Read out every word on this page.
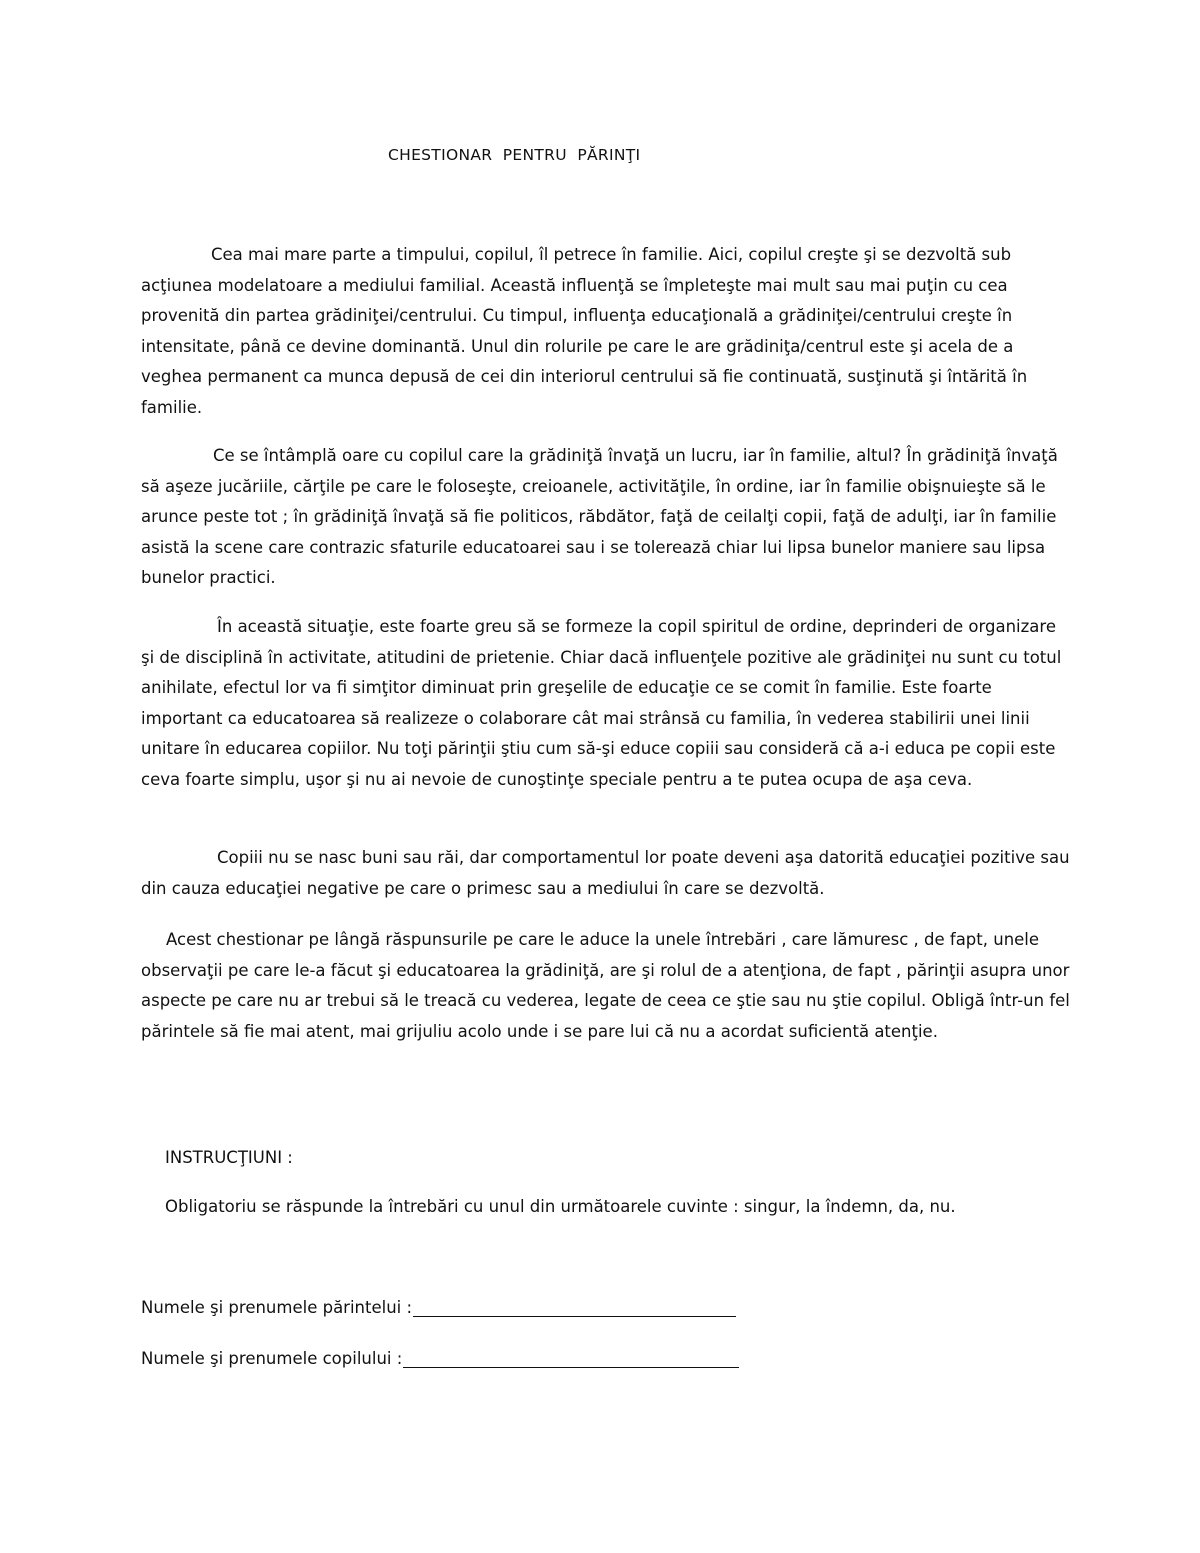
CHESTIONAR  PENTRU  PĂRINŢI

Cea mai mare parte a timpului, copilul, îl petrece în familie. Aici, copilul creşte şi se dezvoltă sub acţiunea modelatoare a mediului familial. Această influenţă se împleteşte mai mult sau mai puţin cu cea provenită din partea grădiniţei/centrului. Cu timpul, influenţa educaţională a grădiniţei/centrului creşte în intensitate, până ce devine dominantă. Unul din rolurile pe care le are grădiniţa/centrul este şi acela de a veghea permanent ca munca depusă de cei din interiorul centrului să fie continuată, susţinută şi întărită în familie.

Ce se întâmplă oare cu copilul care la grădiniţă învaţă un lucru, iar în familie, altul? În grădiniţă învaţă să aşeze jucăriile, cărţile pe care le foloseşte, creioanele, activităţile, în ordine, iar în familie obişnuieşte să le arunce peste tot ; în grădiniţă învaţă să fie politicos, răbdător, faţă de ceilalţi copii, faţă de adulţi, iar în familie asistă la scene care contrazic sfaturile educatoarei sau i se tolerează chiar lui lipsa bunelor maniere sau lipsa bunelor practici.

În această situaţie, este foarte greu să se formeze la copil spiritul de ordine, deprinderi de organizare şi de disciplină în activitate, atitudini de prietenie. Chiar dacă influenţele pozitive ale grădiniţei nu sunt cu totul anihilate, efectul lor va fi simţitor diminuat prin greşelile de educaţie ce se comit în familie. Este foarte important ca educatoarea să realizeze o colaborare cât mai strânsă cu familia, în vederea stabilirii unei linii unitare în educarea copiilor. Nu toţi părinţii ştiu cum să-şi educe copiii sau consideră că a-i educa pe copii este ceva foarte simplu, uşor şi nu ai nevoie de cunoştinţe speciale pentru a te putea ocupa de aşa ceva.

Copiii nu se nasc buni sau răi, dar comportamentul lor poate deveni aşa datorită educaţiei pozitive sau din cauza educaţiei negative pe care o primesc sau a mediului în care se dezvoltă.

Acest chestionar pe lângă răspunsurile pe care le aduce la unele întrebări , care lămuresc , de fapt, unele observaţii pe care le-a făcut şi educatoarea la grădiniţă, are şi rolul de a atenţiona, de fapt , părinţii asupra unor aspecte pe care nu ar trebui să le treacă cu vederea, legate de ceea ce ştie sau nu ştie copilul. Obligă într-un fel părintele să fie mai atent, mai grijuliu acolo unde i se pare lui că nu a acordat suficientă atenţie.

INSTRUCŢIUNI :
Obligatoriu se răspunde la întrebări cu unul din următoarele cuvinte : singur, la îndemn, da, nu.
Numele şi prenumele părintelui :
Numele şi prenumele copilului :
